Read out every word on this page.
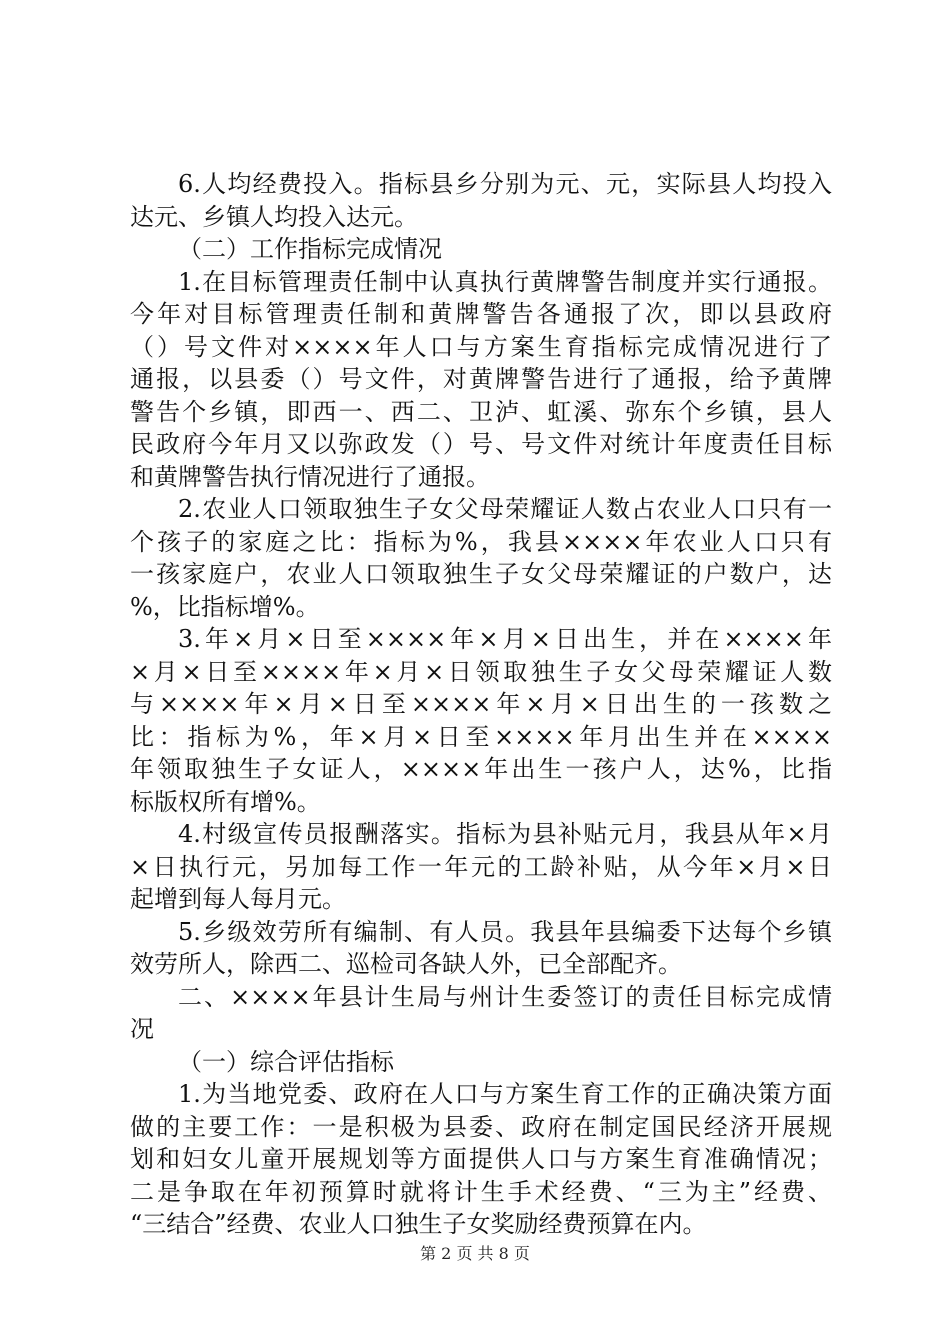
6.人均经费投入。指标县乡分别为元、元，实际县人均投入
达元、乡镇人均投入达元。
（二）工作指标完成情况
1.在目标管理责任制中认真执行黄牌警告制度并实行通报。
今年对目标管理责任制和黄牌警告各通报了次，即以县政府
（）号文件对××××年人口与方案生育指标完成情况进行了
通报，以县委（）号文件，对黄牌警告进行了通报，给予黄牌
警告个乡镇，即西一、西二、卫泸、虹溪、弥东个乡镇，县人
民政府今年月又以弥政发（）号、号文件对统计年度责任目标
和黄牌警告执行情况进行了通报。
2.农业人口领取独生子女父母荣耀证人数占农业人口只有一
个孩子的家庭之比：指标为%，我县××××年农业人口只有
一孩家庭户，农业人口领取独生子女父母荣耀证的户数户，达
%，比指标增%。
3.年×月×日至××××年×月×日出生，并在××××年
×月×日至××××年×月×日领取独生子女父母荣耀证人数
与××××年×月×日至××××年×月×日出生的一孩数之
比：指标为%，年×月×日至××××年月出生并在××××
年领取独生子女证人，××××年出生一孩户人，达%，比指
标版权所有增%。
4.村级宣传员报酬落实。指标为县补贴元月，我县从年×月
×日执行元，另加每工作一年元的工龄补贴，从今年×月×日
起增到每人每月元。
5.乡级效劳所有编制、有人员。我县年县编委下达每个乡镇
效劳所人，除西二、巡检司各缺人外，已全部配齐。
二、××××年县计生局与州计生委签订的责任目标完成情
况
（一）综合评估指标
1.为当地党委、政府在人口与方案生育工作的正确决策方面
做的主要工作：一是积极为县委、政府在制定国民经济开展规
划和妇女儿童开展规划等方面提供人口与方案生育准确情况；
二是争取在年初预算时就将计生手术经费、“三为主”经费、
“三结合”经费、农业人口独生子女奖励经费预算在内。
第 2 页 共 8 页
